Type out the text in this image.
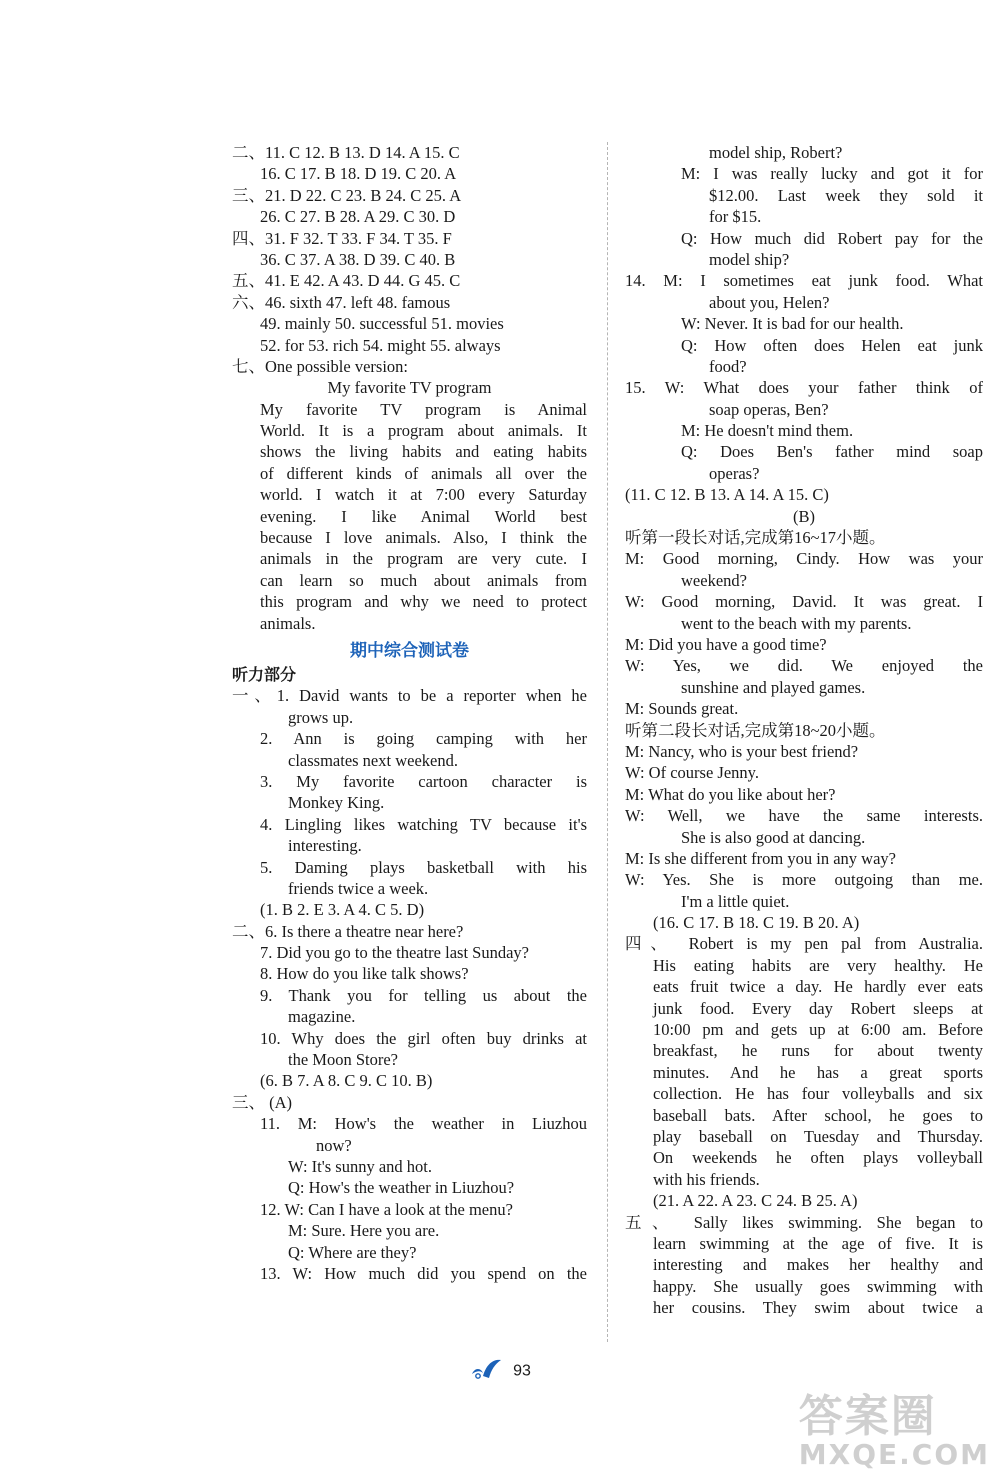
二、11. C 12. B 13. D 14. A 15. C
16. C 17. B 18. D 19. C 20. A
三、21. D 22. C 23. B 24. C 25. A
26. C 27. B 28. A 29. C 30. D
四、31. F 32. T 33. F 34. T 35. F
36. C 37. A 38. D 39. C 40. B
五、41. E 42. A 43. D 44. G 45. C
六、46. sixth 47. left 48. famous
49. mainly 50. successful 51. movies
52. for 53. rich 54. might 55. always
七、One possible version:
My favorite TV program
My favorite TV program is Animal
World. It is a program about animals. It
shows the living habits and eating habits
of different kinds of animals all over the
world. I watch it at 7:00 every Saturday
evening. I like Animal World best
because I love animals. Also, I think the
animals in the program are very cute. I
can learn so much about animals from
this program and why we need to protect
animals.
期中综合测试卷
听力部分
一、1. David wants to be a reporter when he
grows up.
2. Ann is going camping with her
classmates next weekend.
3. My favorite cartoon character is
Monkey King.
4. Lingling likes watching TV because it's
interesting.
5. Daming plays basketball with his
friends twice a week.
(1. B 2. E 3. A 4. C 5. D)
二、6. Is there a theatre near here?
7. Did you go to the theatre last Sunday?
8. How do you like talk shows?
9. Thank you for telling us about the
magazine.
10. Why does the girl often buy drinks at
the Moon Store?
(6. B 7. A 8. C 9. C 10. B)
三、 (A)
11. M: How's the weather in Liuzhou
now?
W: It's sunny and hot.
Q: How's the weather in Liuzhou?
12. W: Can I have a look at the menu?
M: Sure. Here you are.
Q: Where are they?
13. W: How much did you spend on the
model ship, Robert?
M: I was really lucky and got it for
$12.00. Last week they sold it
for $15.
Q: How much did Robert pay for the
model ship?
14. M: I sometimes eat junk food. What
about you, Helen?
W: Never. It is bad for our health.
Q: How often does Helen eat junk
food?
15. W: What does your father think of
soap operas, Ben?
M: He doesn't mind them.
Q: Does Ben's father mind soap
operas?
(11. C 12. B 13. A 14. A 15. C)
(B)
听第一段长对话,完成第16~17小题。
M: Good morning, Cindy. How was your
weekend?
W: Good morning, David. It was great. I
went to the beach with my parents.
M: Did you have a good time?
W: Yes, we did. We enjoyed the
sunshine and played games.
M: Sounds great.
听第二段长对话,完成第18~20小题。
M: Nancy, who is your best friend?
W: Of course Jenny.
M: What do you like about her?
W: Well, we have the same interests.
She is also good at dancing.
M: Is she different from you in any way?
W: Yes. She is more outgoing than me.
I'm a little quiet.
(16. C 17. B 18. C 19. B 20. A)
四、 Robert is my pen pal from Australia.
His eating habits are very healthy. He
eats fruit twice a day. He hardly ever eats
junk food. Every day Robert sleeps at
10:00 pm and gets up at 6:00 am. Before
breakfast, he runs for about twenty
minutes. And he has a great sports
collection. He has four volleyballs and six
baseball bats. After school, he goes to
play baseball on Tuesday and Thursday.
On weekends he often plays volleyball
with his friends.
(21. A 22. A 23. C 24. B 25. A)
五、 Sally likes swimming. She began to
learn swimming at the age of five. It is
interesting and makes her healthy and
happy. She usually goes swimming with
her cousins. They swim about twice a
93
答案圈
MXQE.COM
